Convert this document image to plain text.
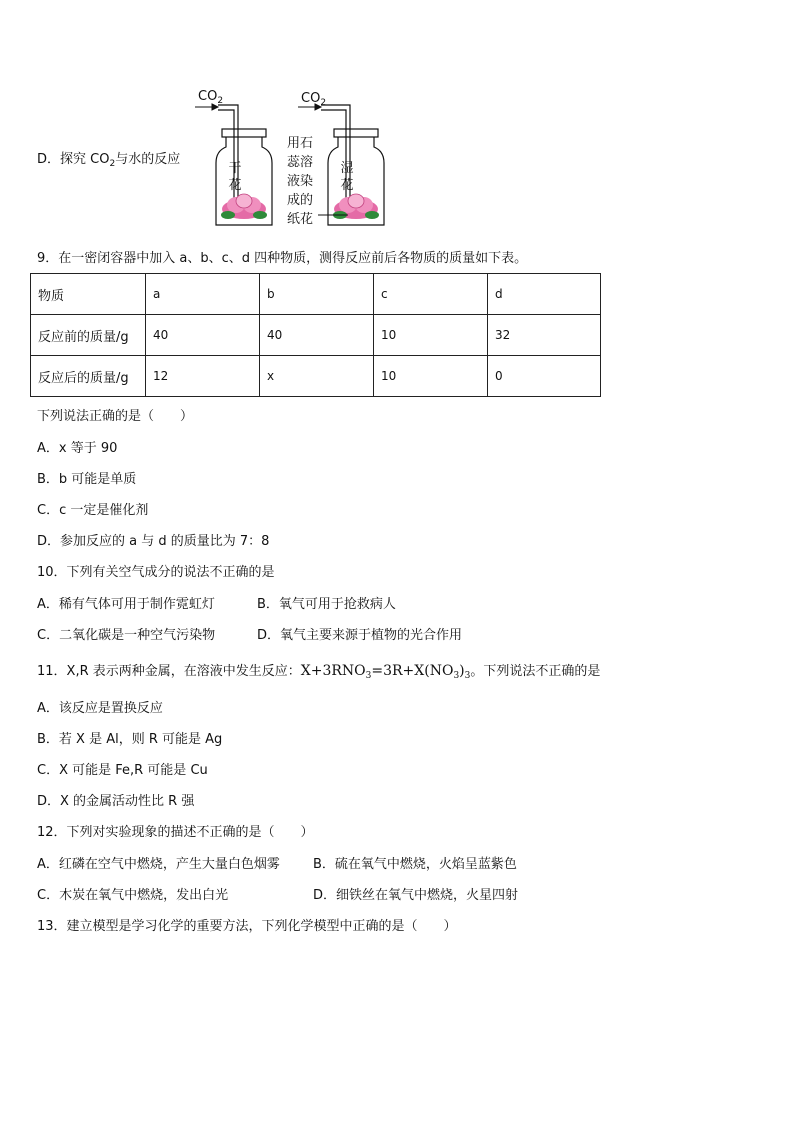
D．探究 $CO_2$与水的反应
$CO_2$	$CO_2$
干
花
湿
花
用石
蕊溶
液染
成的
纸花
9．在一密闭容器中加入 a、b、c、d 四种物质，测得反应前后各物质的质量如下表。
物质	a	b	c	d
反应前的质量/g	40	40	10	32
反应后的质量/g	12	x	10	0
下列说法正确的是（　　）
A．x 等于 90
B．b 可能是单质
C．c 一定是催化剂
D．参加反应的 a 与 d 的质量比为 7：8
10．下列有关空气成分的说法不正确的是
A．稀有气体可用于制作霓虹灯	B．氧气可用于抢救病人
C．二氧化碳是一种空气污染物	D．氧气主要来源于植物的光合作用
11．X,R 表示两种金属，在溶液中发生反应：$X+3RNO_3=3R+X(NO_3)_3$。下列说法不正确的是
A．该反应是置换反应
B．若 X 是 Al，则 R 可能是 Ag
C．X 可能是 Fe,R 可能是 Cu
D．X 的金属活动性比 R 强
12．下列对实验现象的描述不正确的是（　　）
A．红磷在空气中燃烧，产生大量白色烟雾	B．硫在氧气中燃烧，火焰呈蓝紫色
C．木炭在氧气中燃烧，发出白光	D．细铁丝在氧气中燃烧，火星四射
13．建立模型是学习化学的重要方法，下列化学模型中正确的是（　　）
